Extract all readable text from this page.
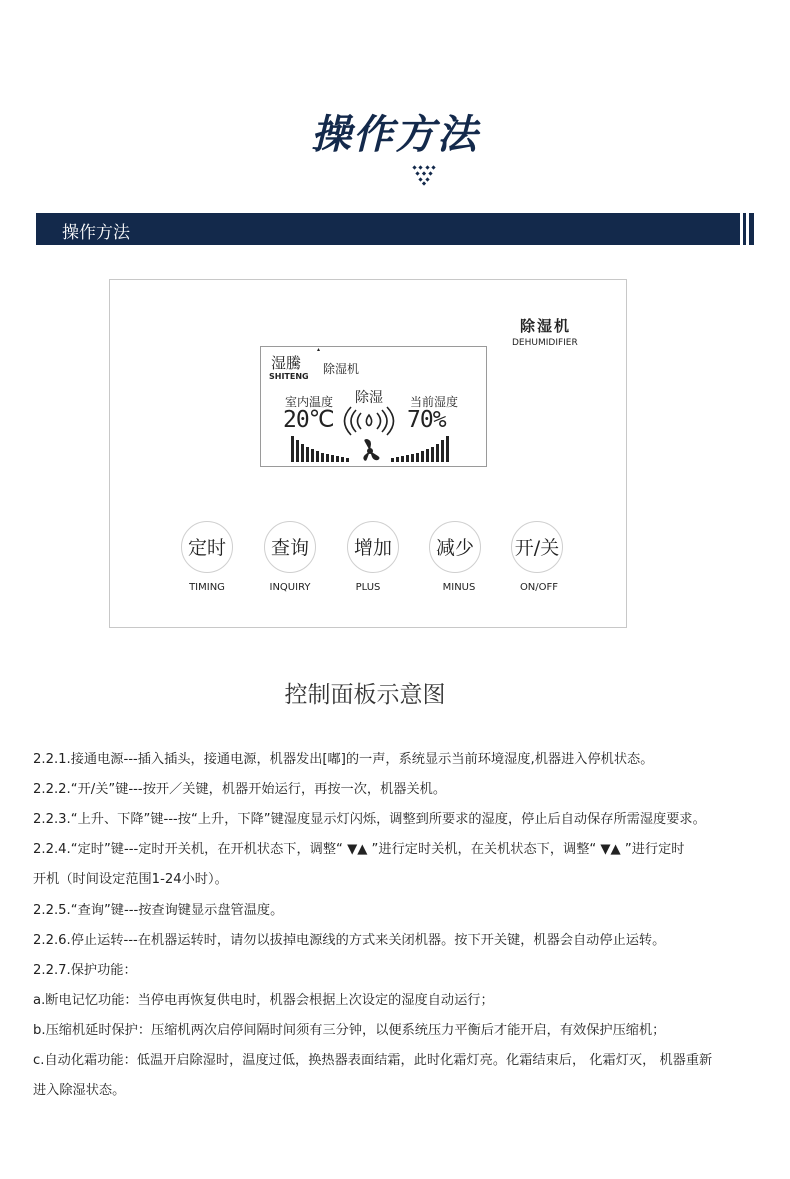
操作方法
操作方法
除湿机
DEHUMIDIFIER
湿騰
SHITENG
除湿机
室内温度
20℃
除湿 当前湿度
70%
定时
TIMING
查询
INQUIRY
增加
PLUS
减少
MINUS
开/关
ON/OFF
控制面板示意图
2.2.1.接通电源---插入插头，接通电源，机器发出[嘟]的一声，系统显示当前环境湿度,机器进入停机状态。
2.2.2.“开/关”键---按开／关键，机器开始运行，再按一次，机器关机。
2.2.3.“上升、下降”键---按“上升，下降”键湿度显示灯闪烁，调整到所要求的湿度，停止后自动保存所需湿度要求。
2.2.4.“定时”键---定时开关机，在开机状态下，调整“ ▼▲ ”进行定时关机，在关机状态下，调整“ ▼▲ ”进行定时
开机（时间设定范围1-24小时）。
2.2.5.“查询”键---按查询键显示盘管温度。
2.2.6.停止运转---在机器运转时，请勿以拔掉电源线的方式来关闭机器。按下开关键，机器会自动停止运转。
2.2.7.保护功能：
a.断电记忆功能：当停电再恢复供电时，机器会根据上次设定的湿度自动运行；
b.压缩机延时保护：压缩机两次启停间隔时间须有三分钟，以便系统压力平衡后才能开启，有效保护压缩机；
c.自动化霜功能：低温开启除湿时，温度过低，换热器表面结霜，此时化霜灯亮。化霜结束后， 化霜灯灭， 机器重新
进入除湿状态。
